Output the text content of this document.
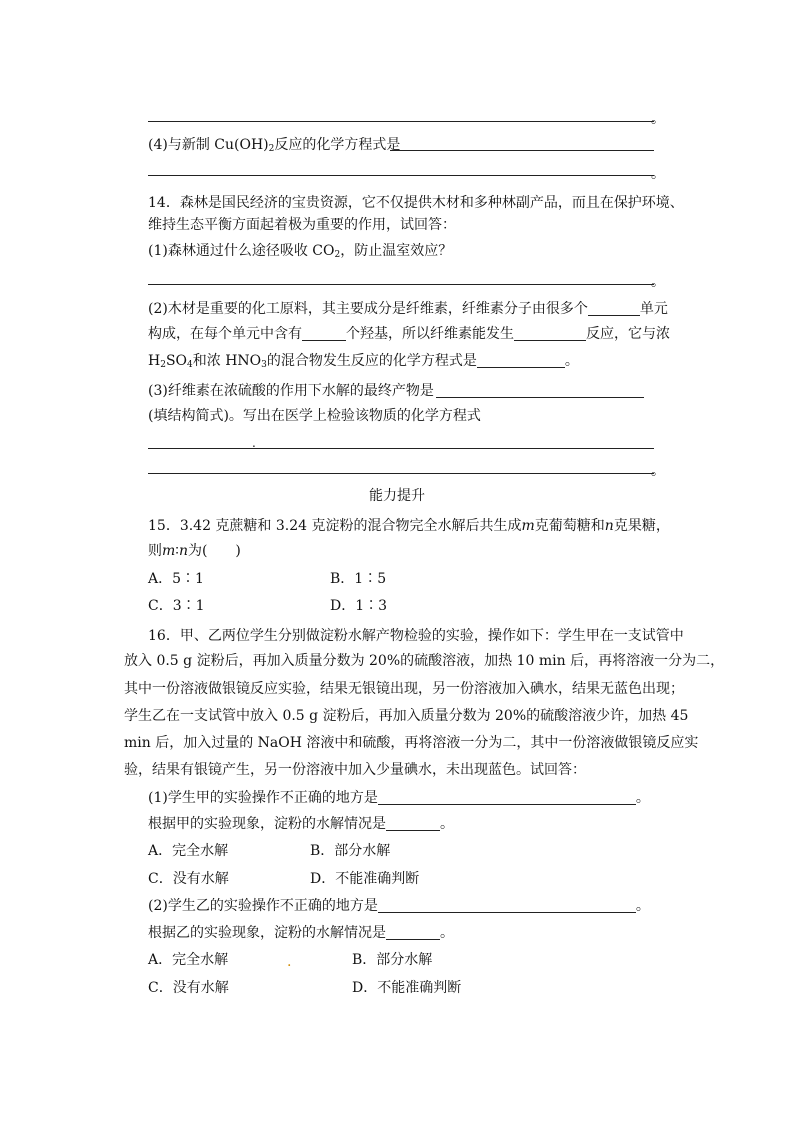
。
(4)与新制 $Cu(OH)_2$反应的化学方程式是
。
14．森林是国民经济的宝贵资源，它不仅提供木材和多种林副产品，而且在保护环境、
维持生态平衡方面起着极为重要的作用，试回答：
(1)森林通过什么途径吸收 $CO_2$，防止温室效应？
。
(2)木材是重要的化工原料，其主要成分是纤维素，纤维素分子由很多个	单元
构成，在每个单元中含有	个羟基，所以纤维素能发生	反应，它与浓
$H_2SO_4$和浓 $HNO_3$的混合物发生反应的化学方程式是	。
(3)纤维素在浓硫酸的作用下水解的最终产物是
(填结构简式)。写出在医学上检验该物质的化学方程式
.
。
能力提升
15．3.42 克蔗糖和 3.24 克淀粉的混合物完全水解后共生成m克葡萄糖和n克果糖，
则m∶n为(　　)
A．5∶1	B．1∶5
C．3∶1	D．1∶3
16．甲、乙两位学生分别做淀粉水解产物检验的实验，操作如下：学生甲在一支试管中
放入 0.5 g 淀粉后，再加入质量分数为 20%的硫酸溶液，加热 10 min 后，再将溶液一分为二，
其中一份溶液做银镜反应实验，结果无银镜出现，另一份溶液加入碘水，结果无蓝色出现；
学生乙在一支试管中放入 0.5 g 淀粉后，再加入质量分数为 20%的硫酸溶液少许，加热 45
min 后，加入过量的 NaOH 溶液中和硫酸，再将溶液一分为二，其中一份溶液做银镜反应实
验，结果有银镜产生，另一份溶液中加入少量碘水，未出现蓝色。试回答：
(1)学生甲的实验操作不正确的地方是	。
根据甲的实验现象，淀粉的水解情况是	。
A．完全水解	B．部分水解
C．没有水解	D．不能准确判断
(2)学生乙的实验操作不正确的地方是	。
根据乙的实验现象，淀粉的水解情况是	。
A．完全水解	.	B．部分水解
C．没有水解	D．不能准确判断
